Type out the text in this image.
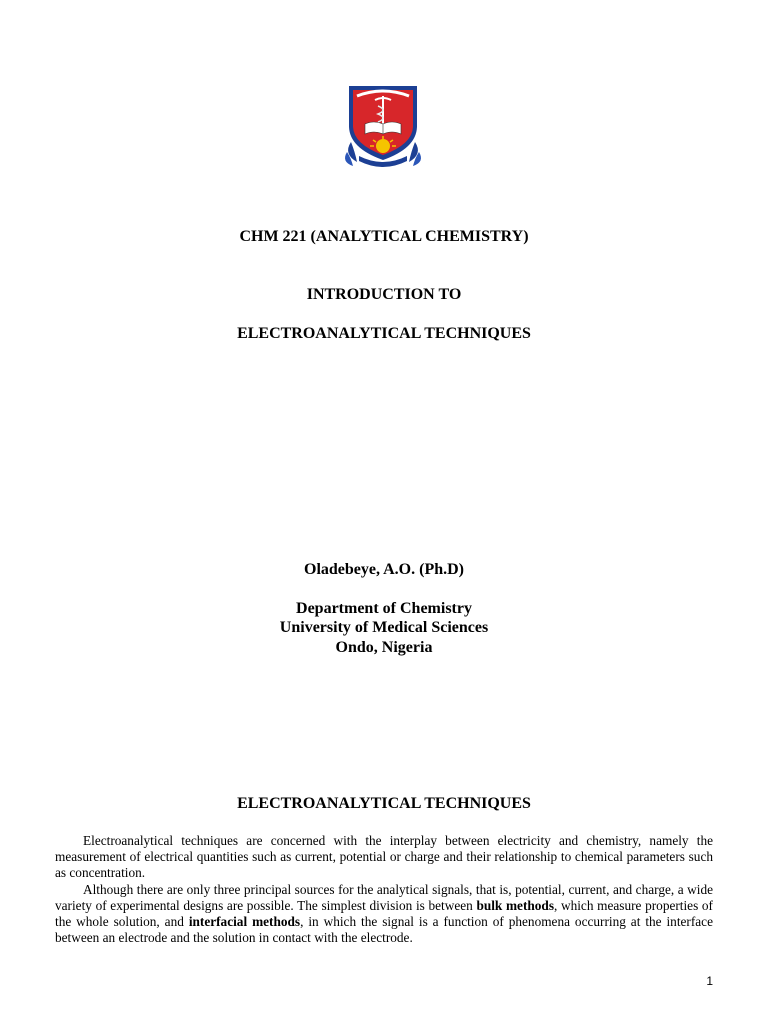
CHM 221 (ANALYTICAL CHEMISTRY)
INTRODUCTION TO
ELECTROANALYTICAL TECHNIQUES
Oladebeye, A.O. (Ph.D)
Department of Chemistry
University of Medical Sciences
Ondo, Nigeria
ELECTROANALYTICAL TECHNIQUES

Electroanalytical techniques are concerned with the interplay between electricity and chemistry, namely the measurement of electrical quantities such as current, potential or charge and their relationship to chemical parameters such as concentration.

Although there are only three principal sources for the analytical signals, that is, potential, current, and charge, a wide variety of experimental designs are possible. The simplest division is between bulk methods, which measure properties of the whole solution, and interfacial methods, in which the signal is a function of phenomena occurring at the interface between an electrode and the solution in contact with the electrode.

1
